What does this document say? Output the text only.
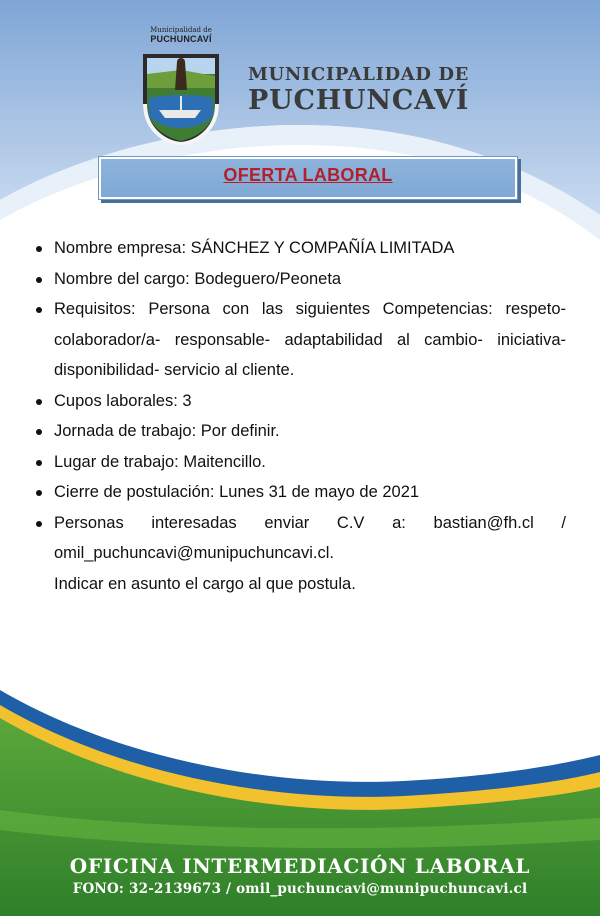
Municipalidad de
PUCHUNCAVÍ
MUNICIPALIDAD DE
PUCHUNCAVÍ
OFERTA LABORAL
Nombre empresa: SÁNCHEZ Y COMPAÑÍA LIMITADA
Nombre del cargo: Bodeguero/Peoneta
Requisitos: Persona con las siguientes Competencias: respeto- colaborador/a- responsable- adaptabilidad al cambio- iniciativa- disponibilidad- servicio al cliente.
Cupos laborales: 3
Jornada de trabajo: Por definir.
Lugar de trabajo: Maitencillo.
Cierre de postulación: Lunes 31 de mayo de 2021
Personas interesadas enviar C.V a: bastian@fh.cl / omil_puchuncavi@munipuchuncavi.cl.
Indicar en asunto el cargo al que postula.
OFICINA INTERMEDIACIÓN LABORAL
FONO: 32-2139673 / omil_puchuncavi@munipuchuncavi.cl
